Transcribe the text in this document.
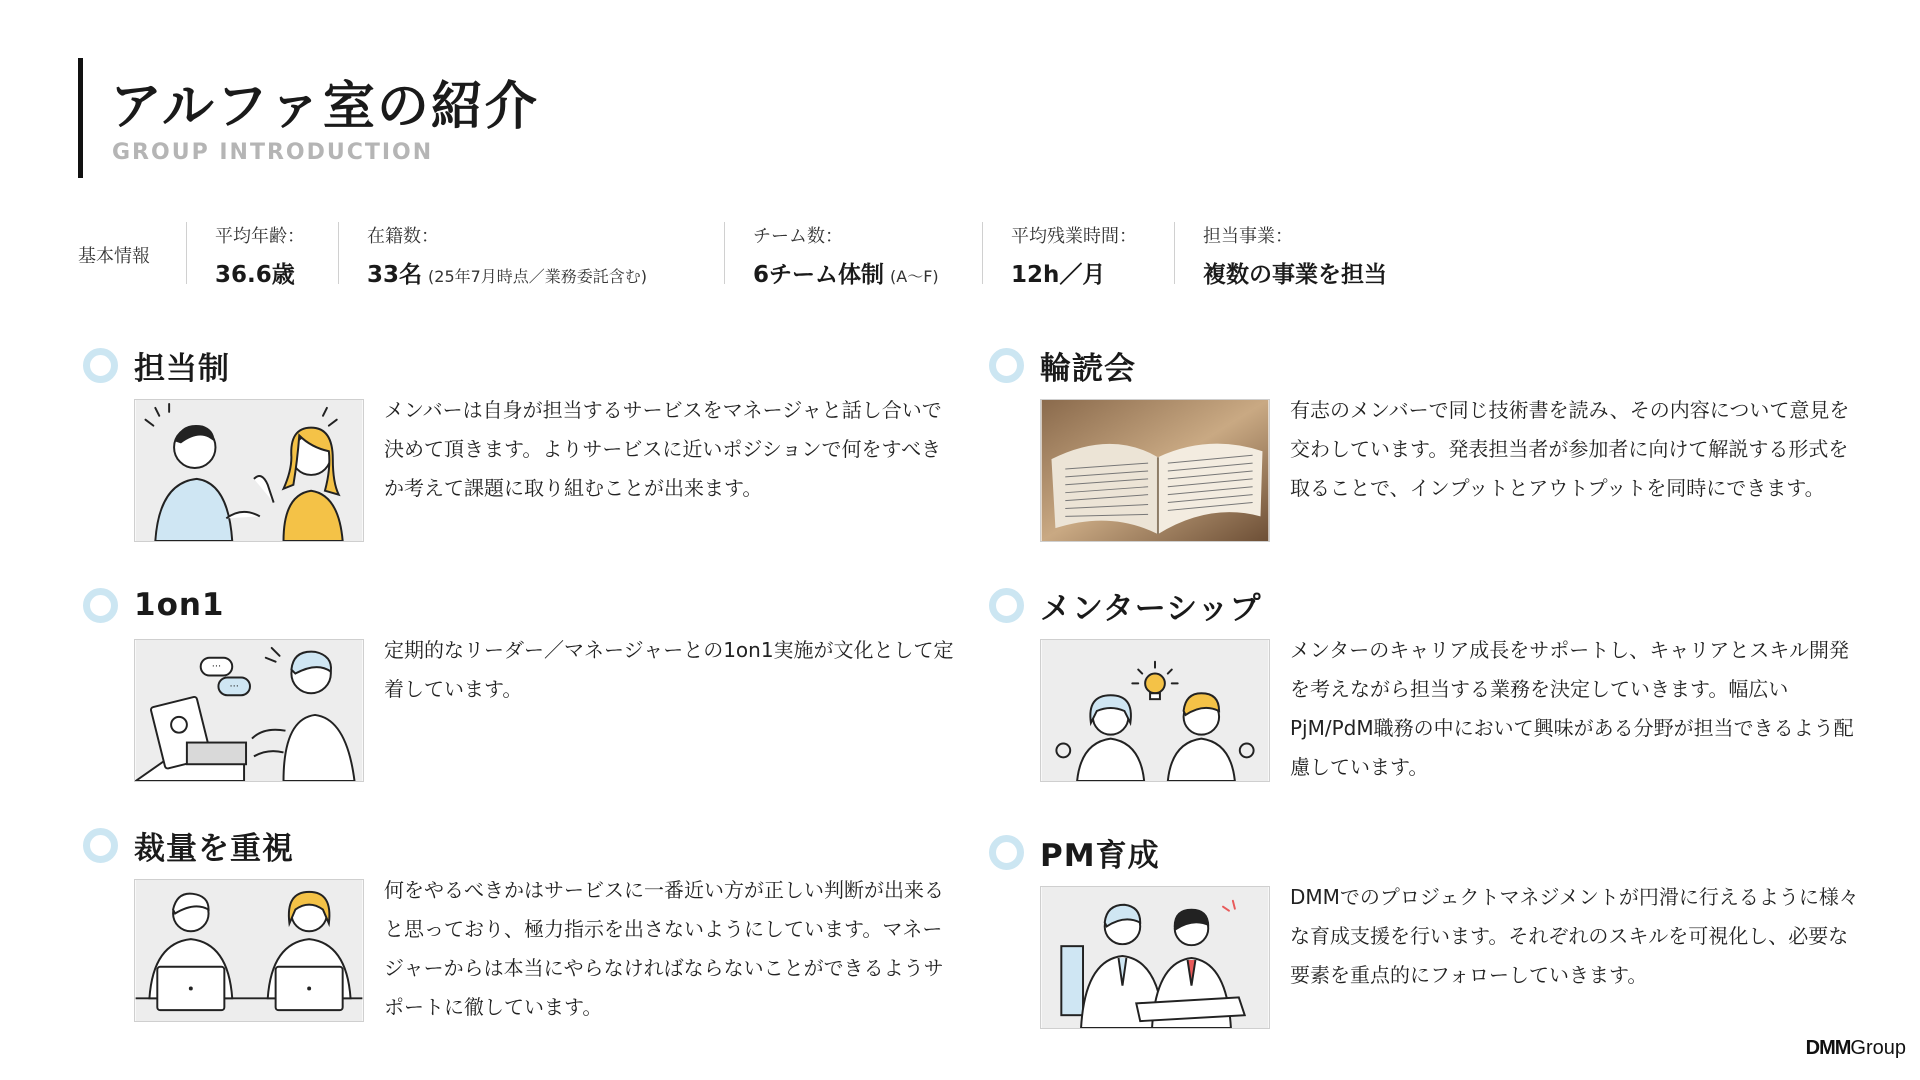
アルファ室の紹介
GROUP INTRODUCTION
基本情報
平均年齢：
36.6歳
在籍数：
33名 (25年7月時点／業務委託含む)
チーム数：
6チーム体制 (A〜F)
平均残業時間：
12h／月
担当事業：
複数の事業を担当
担当制
メンバーは自身が担当するサービスをマネージャと話し合いで決めて頂きます。よりサービスに近いポジションで何をすべきか考えて課題に取り組むことが出来ます。
1on1
···
···
定期的なリーダー／マネージャーとの1on1実施が文化として定着しています。
裁量を重視
何をやるべきかはサービスに一番近い方が正しい判断が出来ると思っており、極力指示を出さないようにしています。マネージャーからは本当にやらなければならないことができるようサポートに徹しています。
輪読会
有志のメンバーで同じ技術書を読み、その内容について意見を交わしています。発表担当者が参加者に向けて解説する形式を取ることで、インプットとアウトプットを同時にできます。
メンターシップ
メンターのキャリア成長をサポートし、キャリアとスキル開発を考えながら担当する業務を決定していきます。幅広いPjM/PdM職務の中において興味がある分野が担当できるよう配慮しています。
PM育成
DMMでのプロジェクトマネジメントが円滑に行えるように様々な育成支援を行います。それぞれのスキルを可視化し、必要な要素を重点的にフォローしていきます。
DMMGroup
